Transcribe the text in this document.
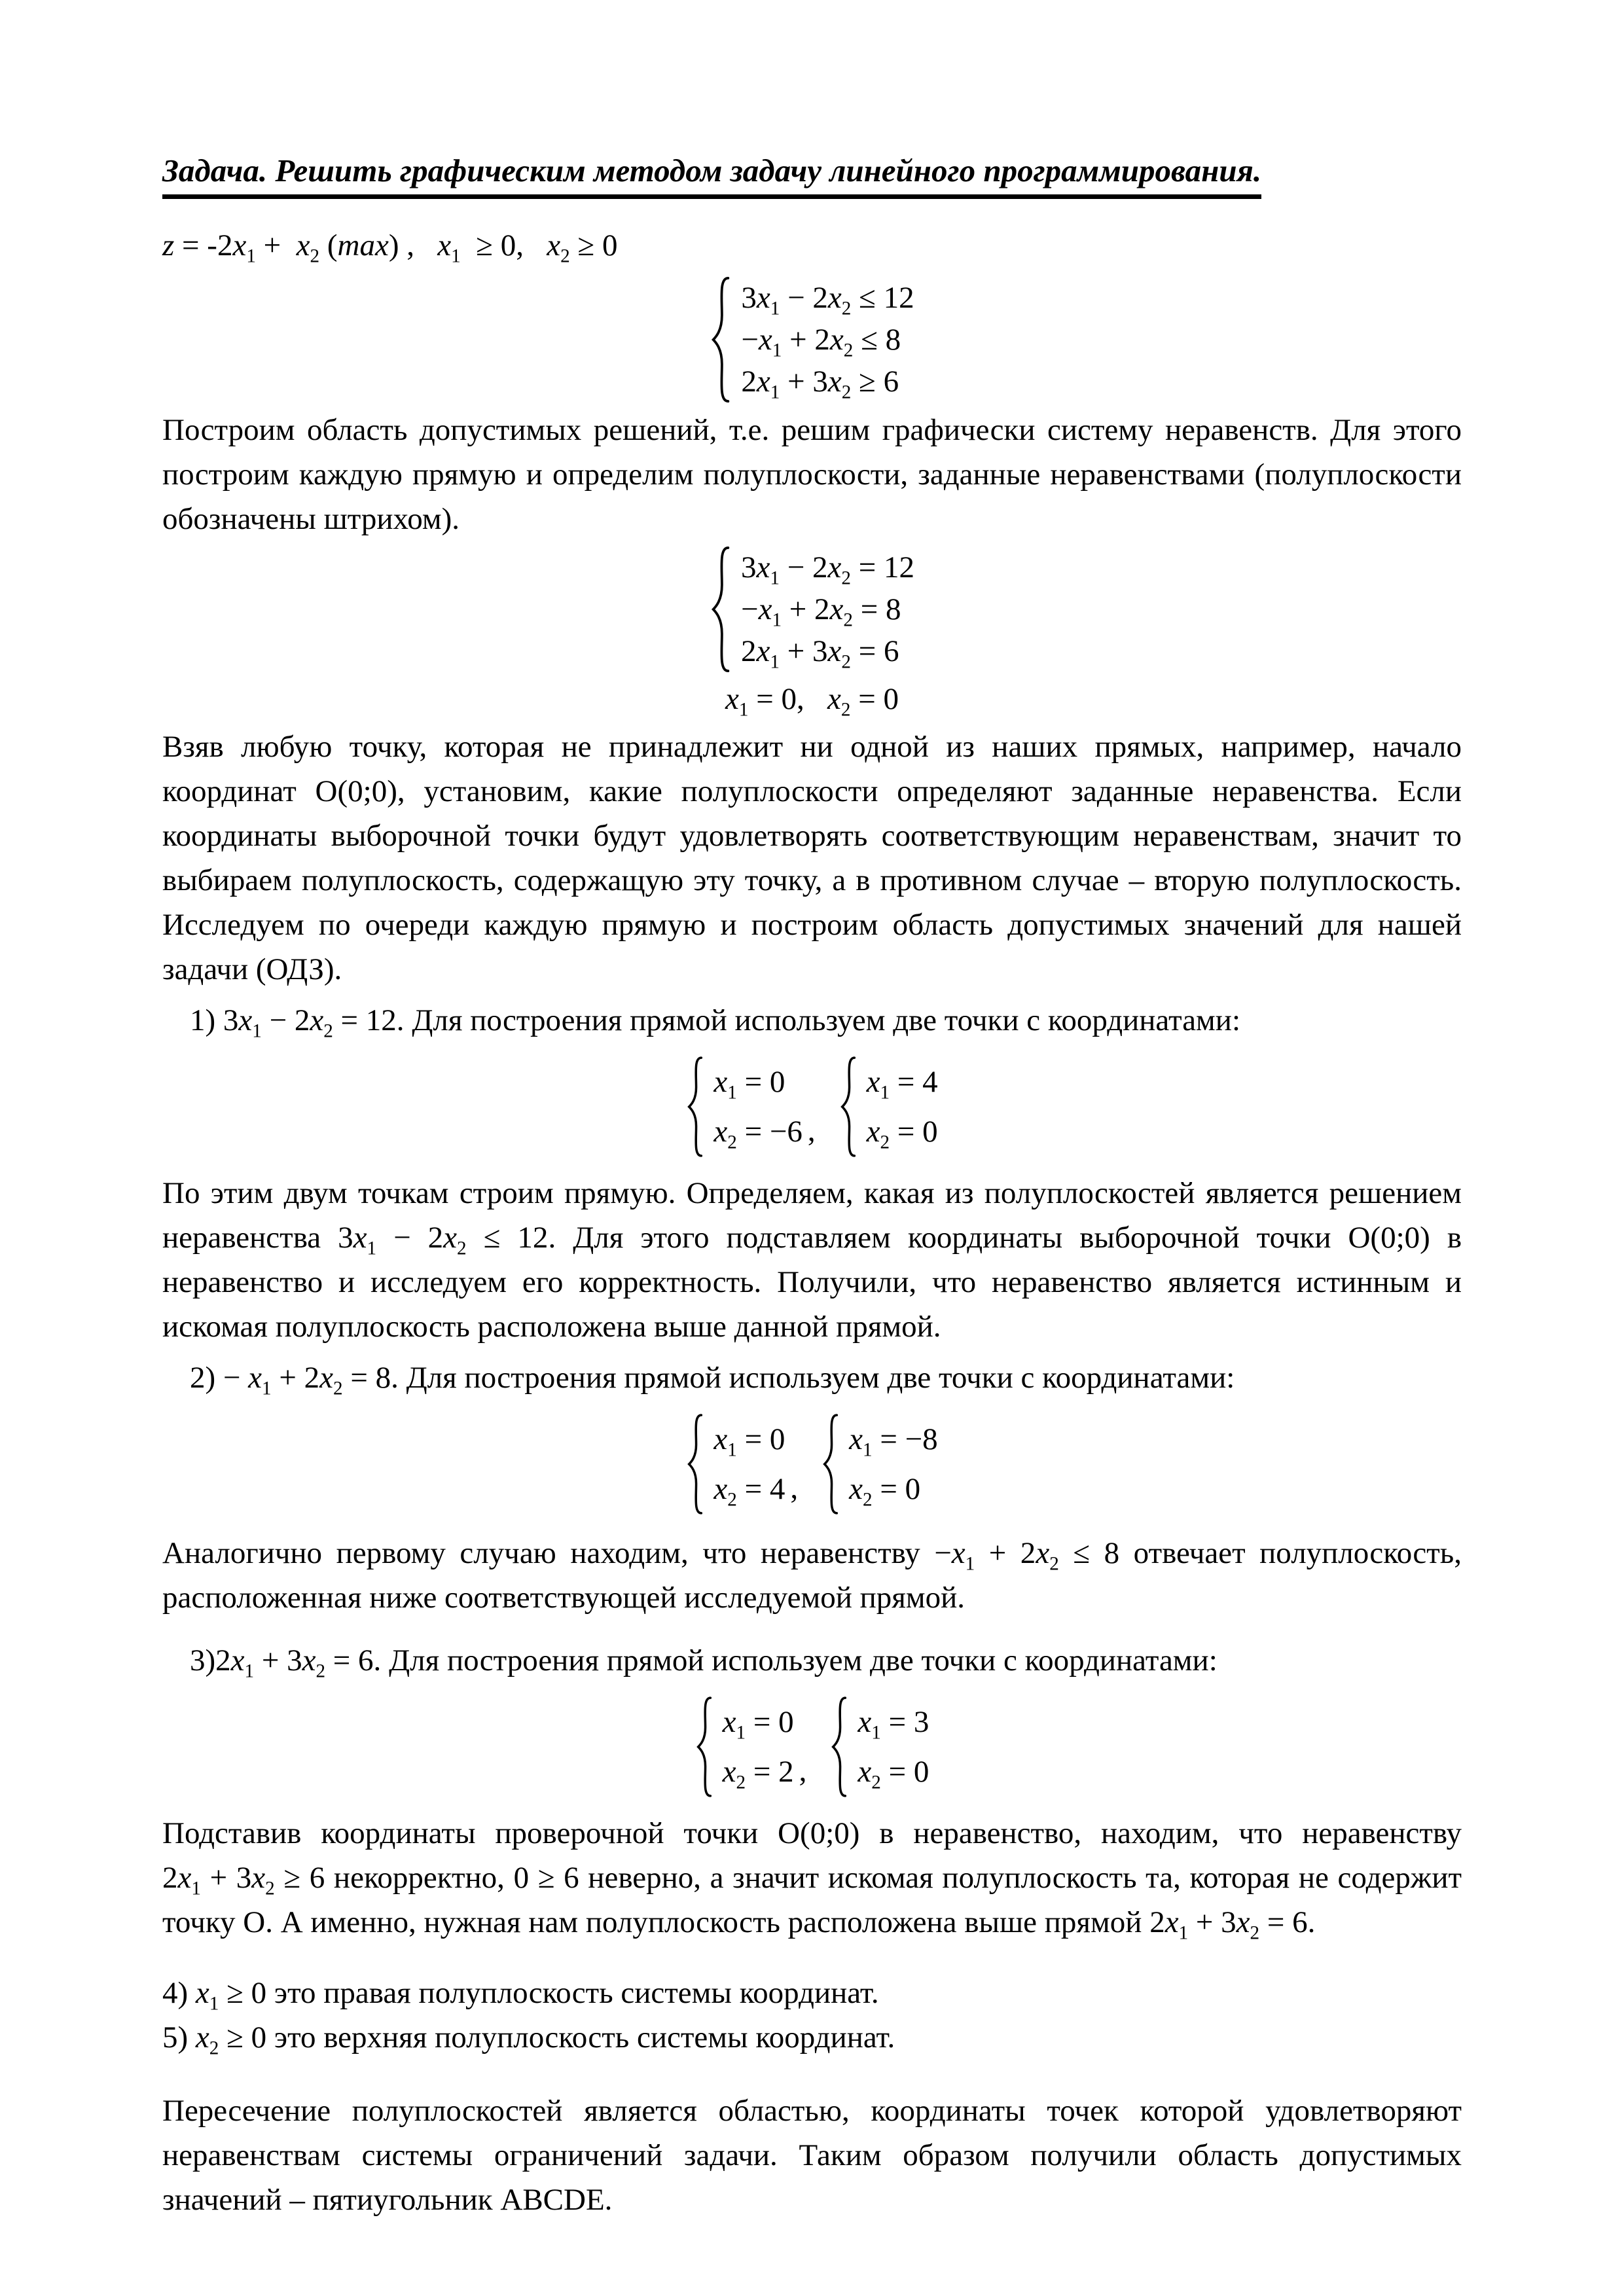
Задача. Решить графическим методом задачу линейного программирования.
$z = -2x_1 + x_2$ (max) ,   $x_1 \ge 0$,   $x_2 \ge 0$
$3x_1 - 2x_2 \le 12$
$-x_1 + 2x_2 \le 8$
$2x_1 + 3x_2 \ge 6$

Построим область допустимых решений, т.е. решим графически систему неравенств. Для этого построим каждую прямую и определим полуплоскости, заданные неравенствами (полуплоскости обозначены штрихом).

$3x_1 - 2x_2 = 12$
$-x_1 + 2x_2 = 8$
$2x_1 + 3x_2 = 6$
$x_1 = 0$,   $x_2 = 0$

Взяв любую точку, которая не принадлежит ни одной из наших прямых, например, начало координат О(0;0), установим, какие полуплоскости определяют заданные неравенства. Если координаты выборочной точки будут удовлетворять соответствующим неравенствам, значит то выбираем полуплоскость, содержащую эту точку, а в противном случае – вторую полуплоскость. Исследуем по очереди каждую прямую и построим область допустимых значений для нашей задачи (ОДЗ).

1) $3x_1 - 2x_2 = 12$. Для построения прямой используем две точки с координатами:

$x_1 = 0$
$x_2 = -6$ ,
$x_1 = 4$
$x_2 = 0$

По этим двум точкам строим прямую. Определяем, какая из полуплоскостей является решением неравенства $3x_1 - 2x_2 \le 12$. Для этого подставляем координаты выборочной точки О(0;0) в неравенство и исследуем его корректность. Получили, что неравенство является истинным и искомая полуплоскость расположена выше данной прямой.

$2) - x_1 + 2x_2 = 8$. Для построения прямой используем две точки с координатами:

$x_1 = 0$
$x_2 = 4$ ,
$x_1 = -8$
$x_2 = 0$

Аналогично первому случаю находим, что неравенству $-x_1 + 2x_2 \le 8$ отвечает полуплоскость, расположенная ниже соответствующей исследуемой прямой.

$3)2x_1 + 3x_2 = 6$. Для построения прямой используем две точки с координатами:

$x_1 = 0$
$x_2 = 2$ ,
$x_1 = 3$
$x_2 = 0$

Подставив координаты проверочной точки О(0;0) в неравенство, находим, что неравенству $2x_1 + 3x_2 \ge 6$ некорректно, 0 ≥ 6 неверно, а значит искомая полуплоскость та, которая не содержит точку О. А именно, нужная нам полуплоскость расположена выше прямой $2x_1 + 3x_2 = 6$.

4) $x_1 \ge 0$ это правая полуплоскость системы координат.

5) $x_2 \ge 0$ это верхняя полуплоскость системы координат.

Пересечение полуплоскостей является областью, координаты точек которой удовлетворяют неравенствам системы ограничений задачи. Таким образом получили область допустимых значений – пятиугольник ABCDE.
